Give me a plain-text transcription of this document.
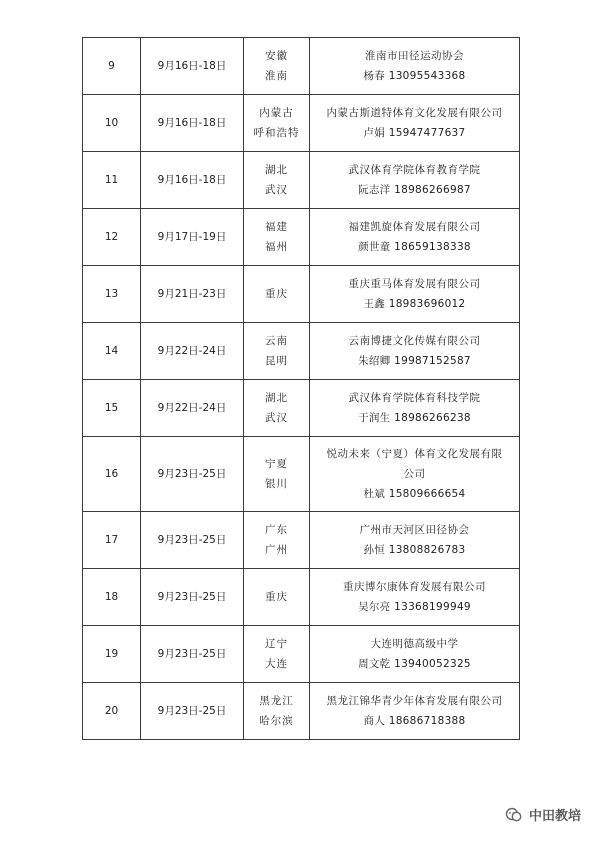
9	9月16日-18日	安徽
淮南	淮南市田径运动协会
杨春 13095543368

10	9月16日-18日	内蒙古
呼和浩特	内蒙古斯道特体育文化发展有限公司
卢娟 15947477637

11	9月16日-18日	湖北
武汉	武汉体育学院体育教育学院
阮志洋 18986266987

12	9月17日-19日	福建
福州	福建凯旋体育发展有限公司
颜世童 18659138338

13	9月21日-23日	重庆	重庆重马体育发展有限公司
王鑫 18983696012

14	9月22日-24日	云南
昆明	云南博捷文化传媒有限公司
朱绍卿 19987152587

15	9月22日-24日	湖北
武汉	武汉体育学院体育科技学院
于润生 18986266238

16	9月23日-25日	宁夏
银川	悦动未来（宁夏）体育文化发展有限
公司
杜斌 15809666654

17	9月23日-25日	广东
广州	广州市天河区田径协会
孙恒 13808826783

18	9月23日-25日	重庆	重庆博尔康体育发展有限公司
吴尔亮 13368199949

19	9月23日-25日	辽宁
大连	大连明德高级中学
周文乾 13940052325

20	9月23日-25日	黑龙江
哈尔滨	黑龙江锦华青少年体育发展有限公司
商人 18686718388
中田教培
